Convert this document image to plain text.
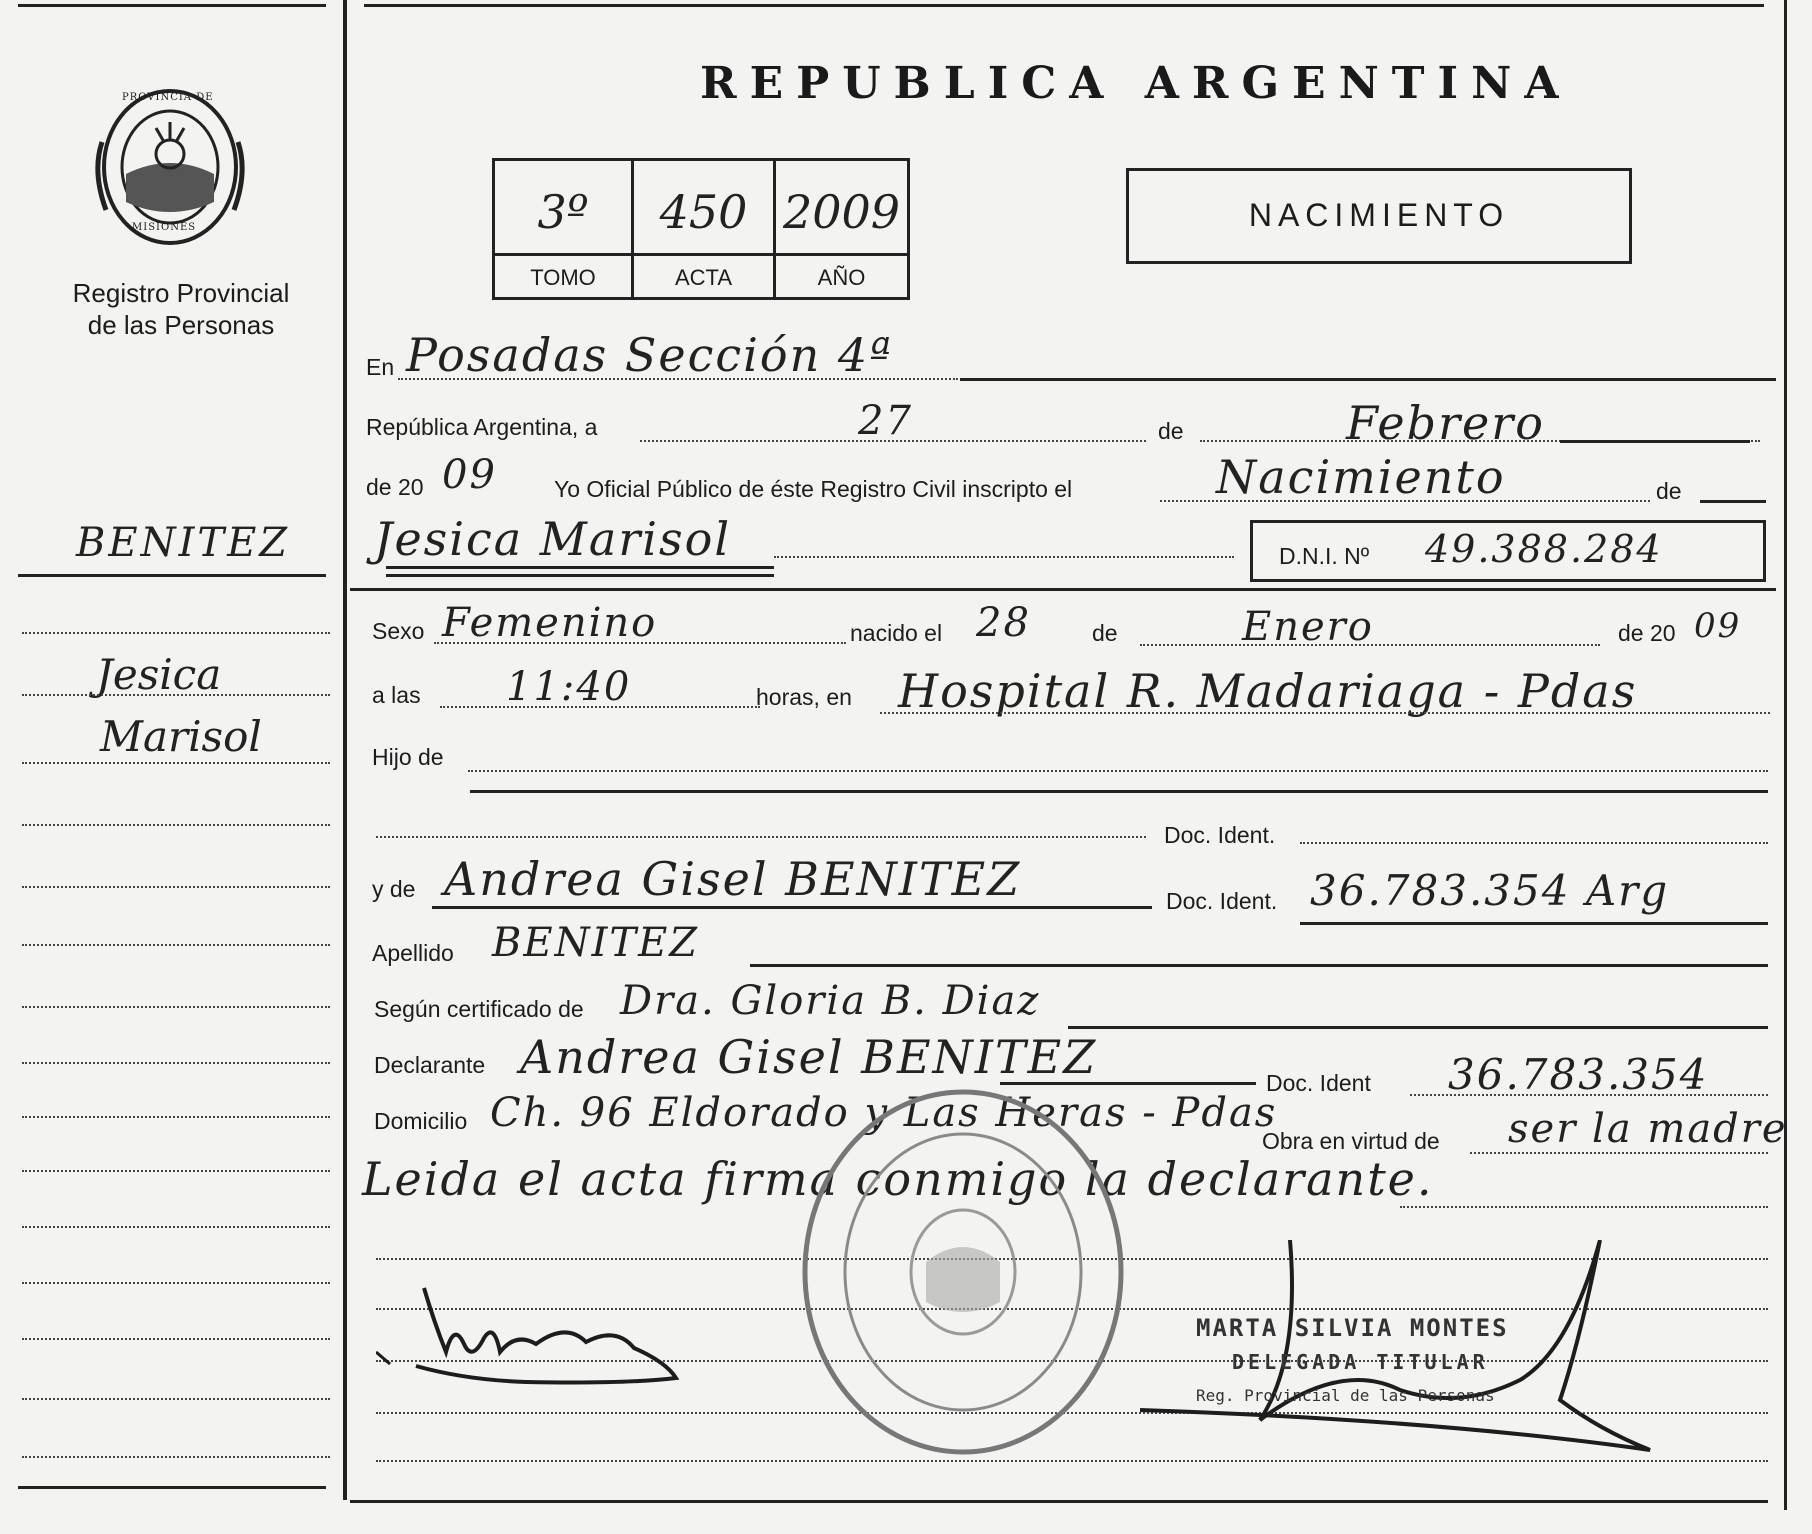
PROVINCIA DE
MISIONES
Registro Provincial
de las Personas
BENITEZ
Jesica
Marisol
REPUBLICA ARGENTINA
3º	450 2009
TOMO	ACTA	AÑO
NACIMIENTO
En Posadas Sección 4ª
República Argentina, a	27	de	Febrero
de 20 09 Yo Oficial Público de éste Registro Civil inscripto el	Nacimiento	de
Jesica Marisol	D.N.I. Nº 49.388.284
Sexo Femenino	nacido el 28	de	Enero	de 20 09
a las 11:40	horas, en Hospital R. Madariaga - Pdas
Hijo de
Doc. Ident.
y de Andrea Gisel BENITEZ	Doc. Ident. 36.783.354 Arg
Apellido BENITEZ
Según certificado de Dra. Gloria B. Diaz
Declarante Andrea Gisel BENITEZ	Doc. Ident 36.783.354
Domicilio Ch. 96 Eldorado y Las Heras - Pdas
Obra en virtud de ser la madre
Leida el acta firma conmigo la declarante.
MARTA SILVIA MONTES
DELEGADA TITULAR
Reg. Provincial de las Personas
